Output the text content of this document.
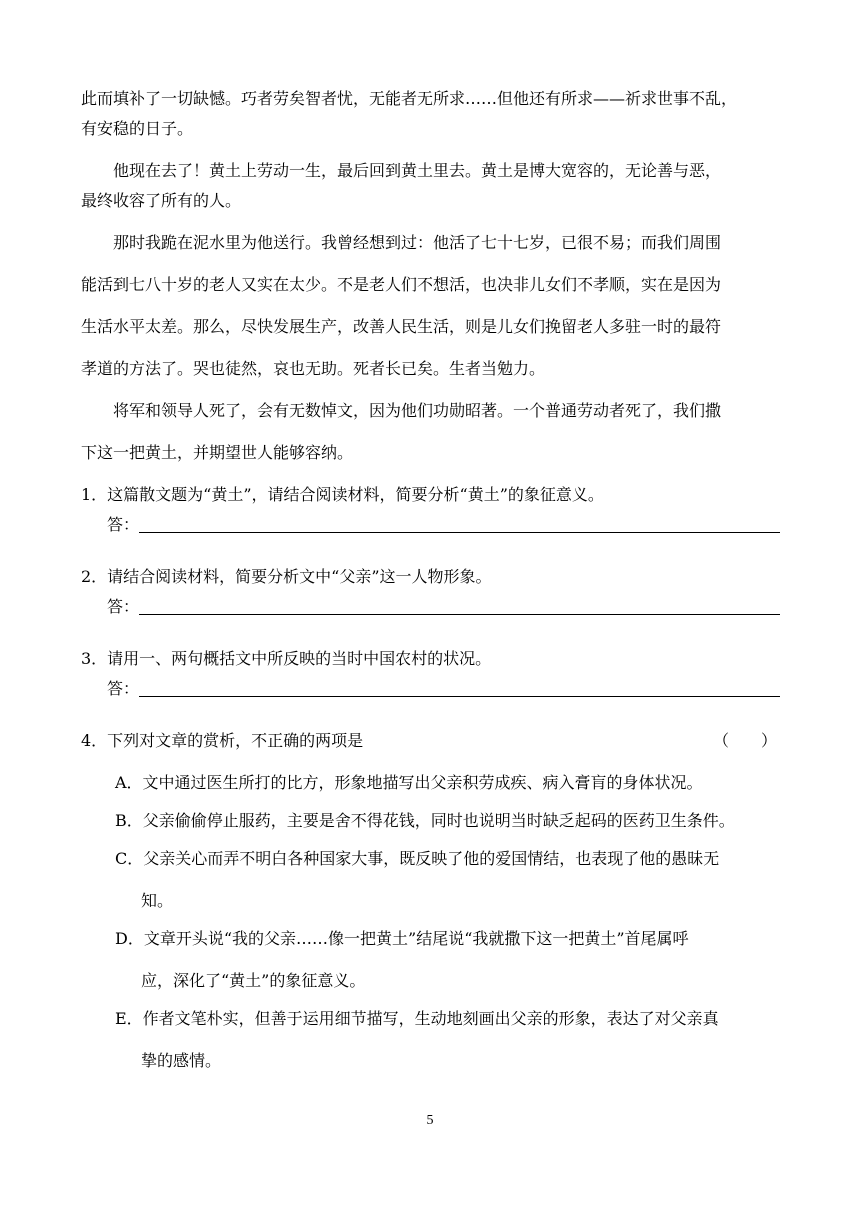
此而填补了一切缺憾。巧者劳矣智者忧，无能者无所求……但他还有所求——祈求世事不乱，
有安稳的日子。
他现在去了！黄土上劳动一生，最后回到黄土里去。黄土是博大宽容的，无论善与恶，
最终收容了所有的人。
那时我跪在泥水里为他送行。我曾经想到过：他活了七十七岁，已很不易；而我们周围
能活到七八十岁的老人又实在太少。不是老人们不想活，也决非儿女们不孝顺，实在是因为
生活水平太差。那么，尽快发展生产，改善人民生活，则是儿女们挽留老人多驻一时的最符
孝道的方法了。哭也徒然，哀也无助。死者长已矣。生者当勉力。
将军和领导人死了，会有无数悼文，因为他们功勋昭著。一个普通劳动者死了，我们撒
下这一把黄土，并期望世人能够容纳。
1．这篇散文题为“黄土”，请结合阅读材料，简要分析“黄土”的象征意义。
答：
2．请结合阅读材料，简要分析文中“父亲”这一人物形象。
答：
3．请用一、两句概括文中所反映的当时中国农村的状况。
答：
4．下列对文章的赏析，不正确的两项是	（　　）
A．文中通过医生所打的比方，形象地描写出父亲积劳成疾、病入膏肓的身体状况。
B．父亲偷偷停止服药，主要是舍不得花钱，同时也说明当时缺乏起码的医药卫生条件。
C．父亲关心而弄不明白各种国家大事，既反映了他的爱国情结，也表现了他的愚昧无
知。
D．文章开头说“我的父亲……像一把黄土”结尾说“我就撒下这一把黄土”首尾属呼
应，深化了“黄土”的象征意义。
E．作者文笔朴实，但善于运用细节描写，生动地刻画出父亲的形象，表达了对父亲真
挚的感情。
5
